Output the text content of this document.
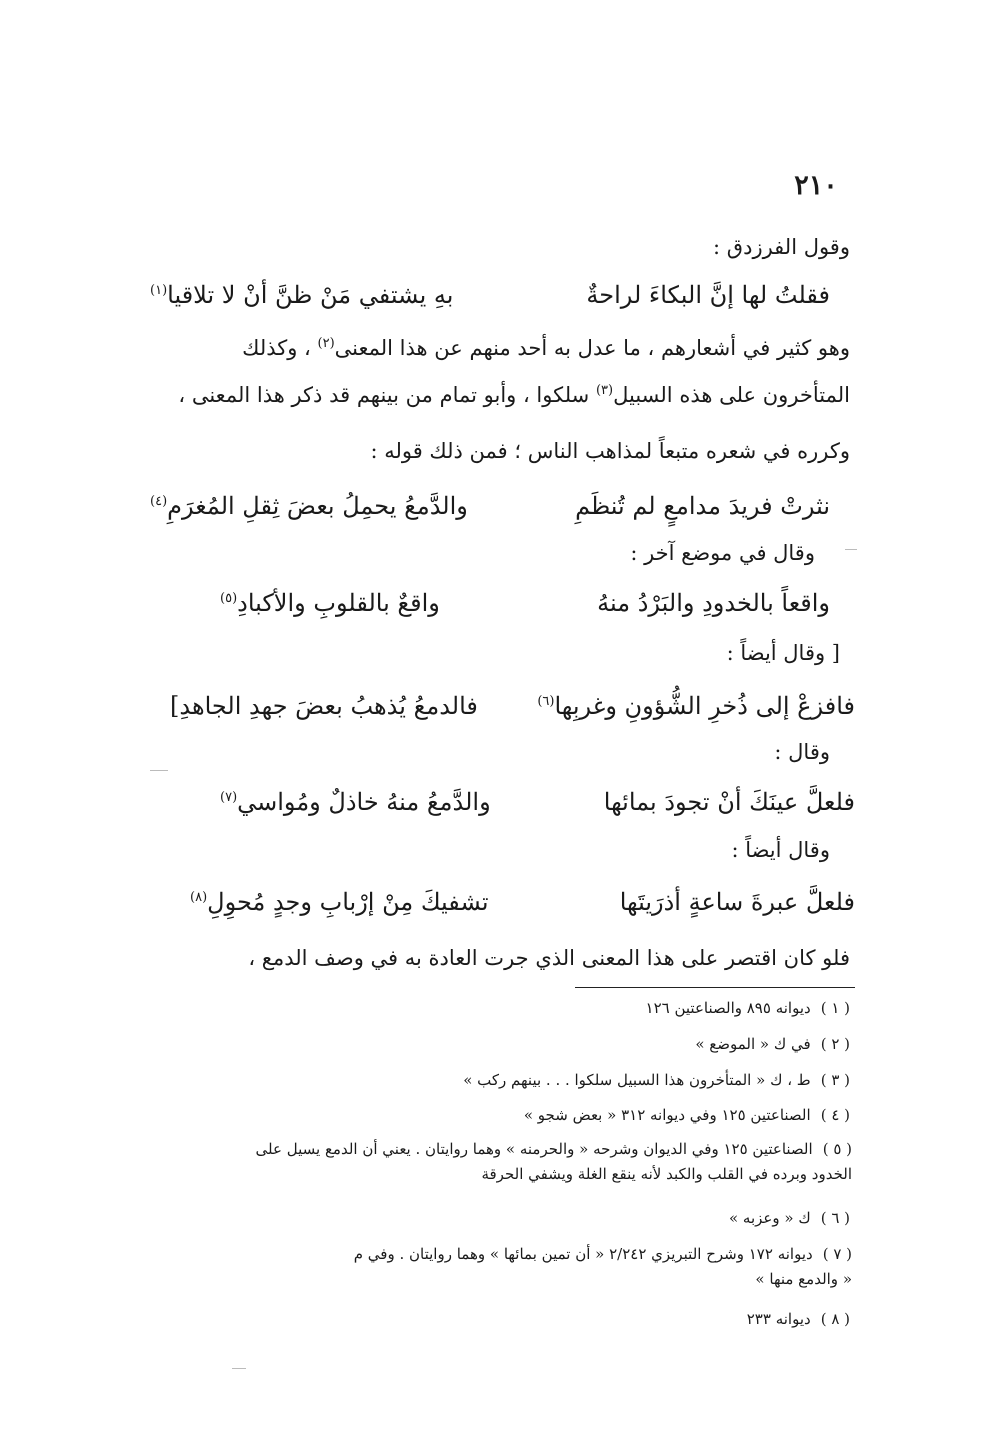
٢١٠
وقول الفرزدق :
فقلتُ لها إنَّ البكاءَ لراحةٌ
بهِ يشتفي مَنْ ظنَّ أنْ لا تلاقيا$^{(١)}$
وهو كثير في أشعارهم ، ما عدل به أحد منهم عن هذا المعنى$^{(٢)}$ ، وكذلك
المتأخرون على هذه السبيل$^{(٣)}$ سلكوا ، وأبو تمام من بينهم قد ذكر هذا المعنى ،
وكرره في شعره متبعاً لمذاهب الناس ؛ فمن ذلك قوله :
نثرتْ فريدَ مدامعٍ لم تُنظَمِ
والدَّمعُ يحمِلُ بعضَ ثِقلِ المُغرَمِ$^{(٤)}$
وقال في موضع آخر :
واقعاً بالخدودِ والبَرْدُ منهُ
واقعٌ بالقلوبِ والأكبادِ$^{(٥)}$
[ وقال أيضاً :
فافزعْ إلى ذُخرِ الشُّؤونِ وغربِها$^{(٦)}$
فالدمعُ يُذهبُ بعضَ جهدِ الجاهدِ]
وقال :
فلعلَّ عينَكَ أنْ تجودَ بمائها
والدَّمعُ منهُ خاذلٌ ومُواسي$^{(٧)}$
وقال أيضاً :
فلعلَّ عبرةَ ساعةٍ أذرَيتَها
تشفيكَ مِنْ إرْبابِ وجدٍ مُحوِلِ$^{(٨)}$
فلو كان اقتصر على هذا المعنى الذي جرت العادة به في وصف الدمع ،
( ١ )ديوانه ٨٩٥ والصناعتين ١٢٦
( ٢ )في ك « الموضع »
( ٣ )ط ، ك « المتأخرون هذا السبيل سلكوا . . . بينهم ركب »
( ٤ )الصناعتين ١٢٥ وفي ديوانه ٣١٢ « بعض شجو »
( ٥ )الصناعتين ١٢٥ وفي الديوان وشرحه « والحرمنه » وهما روايتان . يعني أن الدمع يسيل على
الخدود وبرده في القلب والكبد لأنه ينقع الغلة ويشفي الحرقة
( ٦ )ك « وعزبه »
( ٧ )ديوانه ١٧٢ وشرح التبريزي ٢/٢٤٢ « أن تمين بمائها » وهما روايتان . وفي م
« والدمع منها »
( ٨ )ديوانه ٢٣٣
